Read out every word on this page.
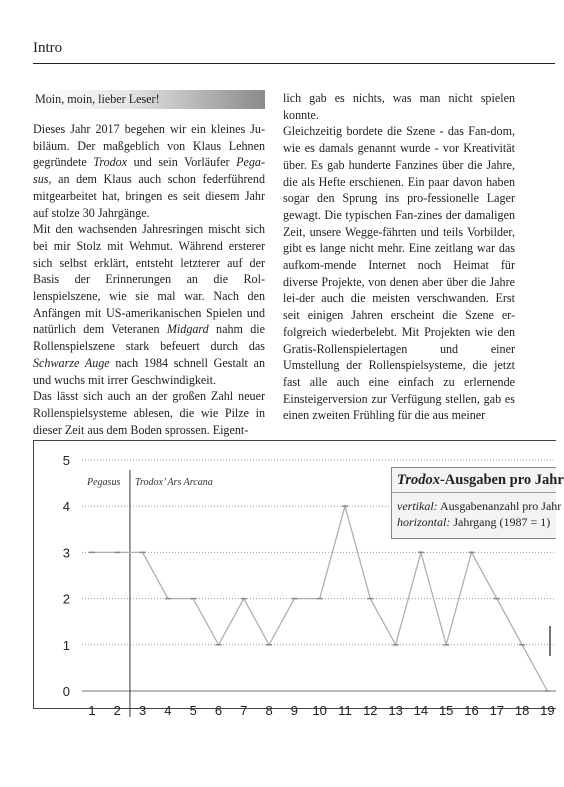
Intro
Moin, moin, lieber Leser!

Dieses Jahr 2017 begehen wir ein kleines Ju-biläum. Der maßgeblich von Klaus Lehnen gegründete Trodox und sein Vorläufer Pega-sus, an dem Klaus auch schon federführend mitgearbeitet hat, bringen es seit diesem Jahr auf stolze 30 Jahrgänge.

Mit den wachsenden Jahresringen mischt sich bei mir Stolz mit Wehmut. Während ersterer sich selbst erklärt, entsteht letzterer auf der Basis der Erinnerungen an die Rol-lenspielszene, wie sie mal war. Nach den Anfängen mit US-amerikanischen Spielen und natürlich dem Veteranen Midgard nahm die Rollenspielszene stark befeuert durch das Schwarze Auge nach 1984 schnell Gestalt an und wuchs mit irrer Geschwindigkeit.

Das lässt sich auch an der großen Zahl neuer Rollenspielsysteme ablesen, die wie Pilze in dieser Zeit aus dem Boden sprossen. Eigent-

lich gab es nichts, was man nicht spielen konnte.

Gleichzeitig bordete die Szene - das Fan-dom, wie es damals genannt wurde - vor Kreativität über. Es gab hunderte Fanzines über die Jahre, die als Hefte erschienen. Ein paar davon haben sogar den Sprung ins pro-fessionelle Lager gewagt. Die typischen Fan-zines der damaligen Zeit, unsere Wegge-fährten und teils Vorbilder, gibt es lange nicht mehr. Eine zeitlang war das aufkom-mende Internet noch Heimat für diverse Projekte, von denen aber über die Jahre lei-der auch die meisten verschwanden. Erst seit einigen Jahren erscheint die Szene er-folgreich wiederbelebt. Mit Projekten wie den Gratis-Rollenspielertagen und einer Umstellung der Rollenspielsysteme, die jetzt fast alle auch eine einfach zu erlernende Einsteigerversion zur Verfügung stellen, gab es einen zweiten Frühling für die aus meiner

0
1
2
3
4
5
1 2 3 4 5 6 7 8 9 10 11 12 13 14 15 16 17 18 19
Pegasus Trodox’ Ars Arcana	Trodox-Ausgaben pro Jahr
vertikal: Ausgabenanzahl pro Jahr
horizontal: Jahrgang (1987 = 1)
